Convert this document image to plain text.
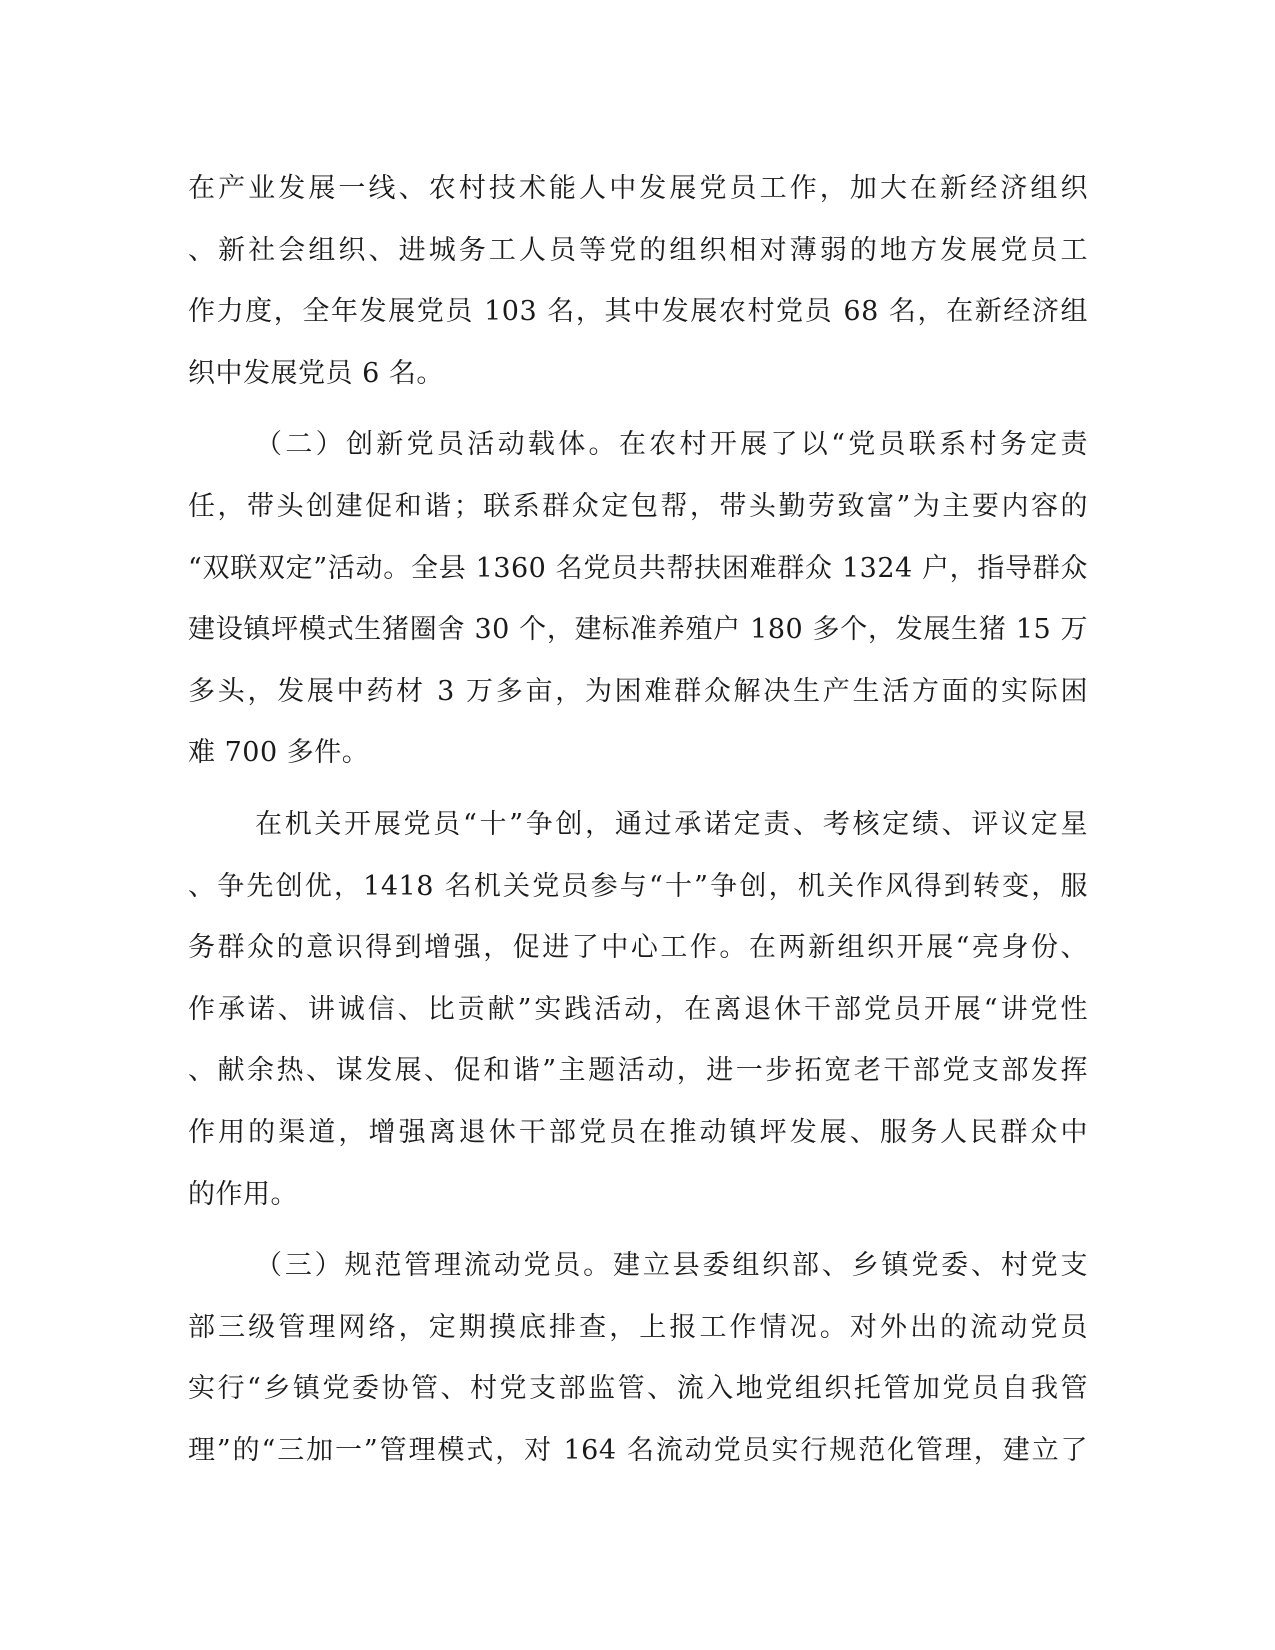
在产业发展一线、农村技术能人中发展党员工作，加大在新经济组织
、新社会组织、进城务工人员等党的组织相对薄弱的地方发展党员工
作力度，全年发展党员 103 名，其中发展农村党员 68 名，在新经济组
织中发展党员 6 名。
（二）创新党员活动载体。在农村开展了以“党员联系村务定责
任，带头创建促和谐；联系群众定包帮，带头勤劳致富”为主要内容的
“双联双定”活动。全县 1360 名党员共帮扶困难群众 1324 户，指导群众
建设镇坪模式生猪圈舍 30 个，建标准养殖户 180 多个，发展生猪 15 万
多头，发展中药材 3 万多亩，为困难群众解决生产生活方面的实际困
难 700 多件。
在机关开展党员“十”争创，通过承诺定责、考核定绩、评议定星
、争先创优，1418 名机关党员参与“十”争创，机关作风得到转变，服
务群众的意识得到增强，促进了中心工作。在两新组织开展“亮身份、
作承诺、讲诚信、比贡献”实践活动，在离退休干部党员开展“讲党性
、献余热、谋发展、促和谐”主题活动，进一步拓宽老干部党支部发挥
作用的渠道，增强离退休干部党员在推动镇坪发展、服务人民群众中
的作用。
（三）规范管理流动党员。建立县委组织部、乡镇党委、村党支
部三级管理网络，定期摸底排查，上报工作情况。对外出的流动党员
实行“乡镇党委协管、村党支部监管、流入地党组织托管加党员自我管
理”的“三加一”管理模式，对 164 名流动党员实行规范化管理，建立了
